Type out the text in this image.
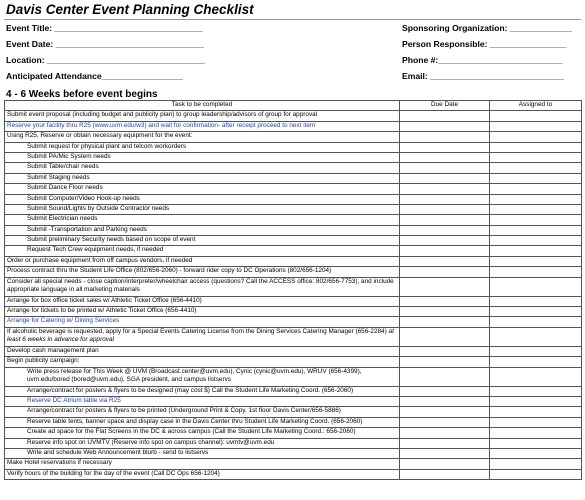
Davis Center Event Planning Checklist
Event Title: _______________________________
Event Date: _______________________________
Location: _________________________________
Anticipated Attendance_________________
Sponsoring Organization: _____________
Person Responsible: ________________
Phone #:__________________________
Email: ____________________________
4 - 6 Weeks before event begins
Task to be completed	Due Date	Assigned to
Submit event proposal (including budget and publicity plan) to group leadership/advisors of group for approval		
Reserve your facility thru R25 (www.uvm.edu/w3) and wait for confirmation- after receipt proceed to next item		
Using R25, Reserve or obtain necessary equipment for the event:		
Submit request for physical plant and telcom workorders		
Submit PA/Mic System needs		
Submit Table/chair needs		
Submit Staging needs		
Submit Dance Floor needs		
Submit Computer/Video Hook-up needs		
Submit Sound/Lights by Outside Contractor needs		
Submit Electrician needs		
Submit -Transportation and Parking needs		
Submit preliminary Security needs based on scope of event		
Request Tech Crew equipment needs, if needed		
Order or purchase equipment from off campus vendors, if needed		
Process contract thru the Student Life Office (802/656-2060) - forward rider copy to DC Operations (802/656-1204)		
Consider all special needs - close caption/interpreter/wheelchair access (questions? Call the ACCESS office: 802/656-7753), and include appropriate language in all marketing materials		
Arrange for box office ticket sales w/ Athletic Ticket Office (656-4410)		
Arrange for tickets to be printed w/ Athletic Ticket Office (656-4410)		
Arrange for Catering w/ Dining Services		
If alcoholic beverage is requested, apply for a Special Events Catering License from the Dining Services Catering Manager (656-2284) at least 6 weeks in advance for approval		
Develop cash management plan		
Begin publicity campaign:		
Write press release for This Week @ UVM (Broadcast.center@uvm.edu), Cynic (cynic@uvm.edu), WRUV (656-4399), uvm.edu/bored (bored@uvm.edu), SGA president, and campus listservs		
Arrange/contract for posters & flyers to be designed (may cost $) Call the Student Life Marketing Coord. (656-2060)		
Reserve DC Atrium table via R25		
Arrange/contract for posters & flyers to be printed (Underground Print & Copy, 1st floor Davis Center/656-5886)		
Reserve table tents, banner space and display case in the Davis Center thru Student Life Marketing Coord. (656-2060)		
Create ad space for the Flat Screens in the DC & across campus (Call the Student Life Marketing Coord.: 656-2060)		
Reserve info spot on UVMTV (Reserve info spot on campus channel): uvmtv@uvm.edu		
Write and schedule Web Announcement blurb - send to listservs		
Make Hotel reservations if necessary		
Verify hours of the building for the day of the event (Call DC Ops 656-1204)		
